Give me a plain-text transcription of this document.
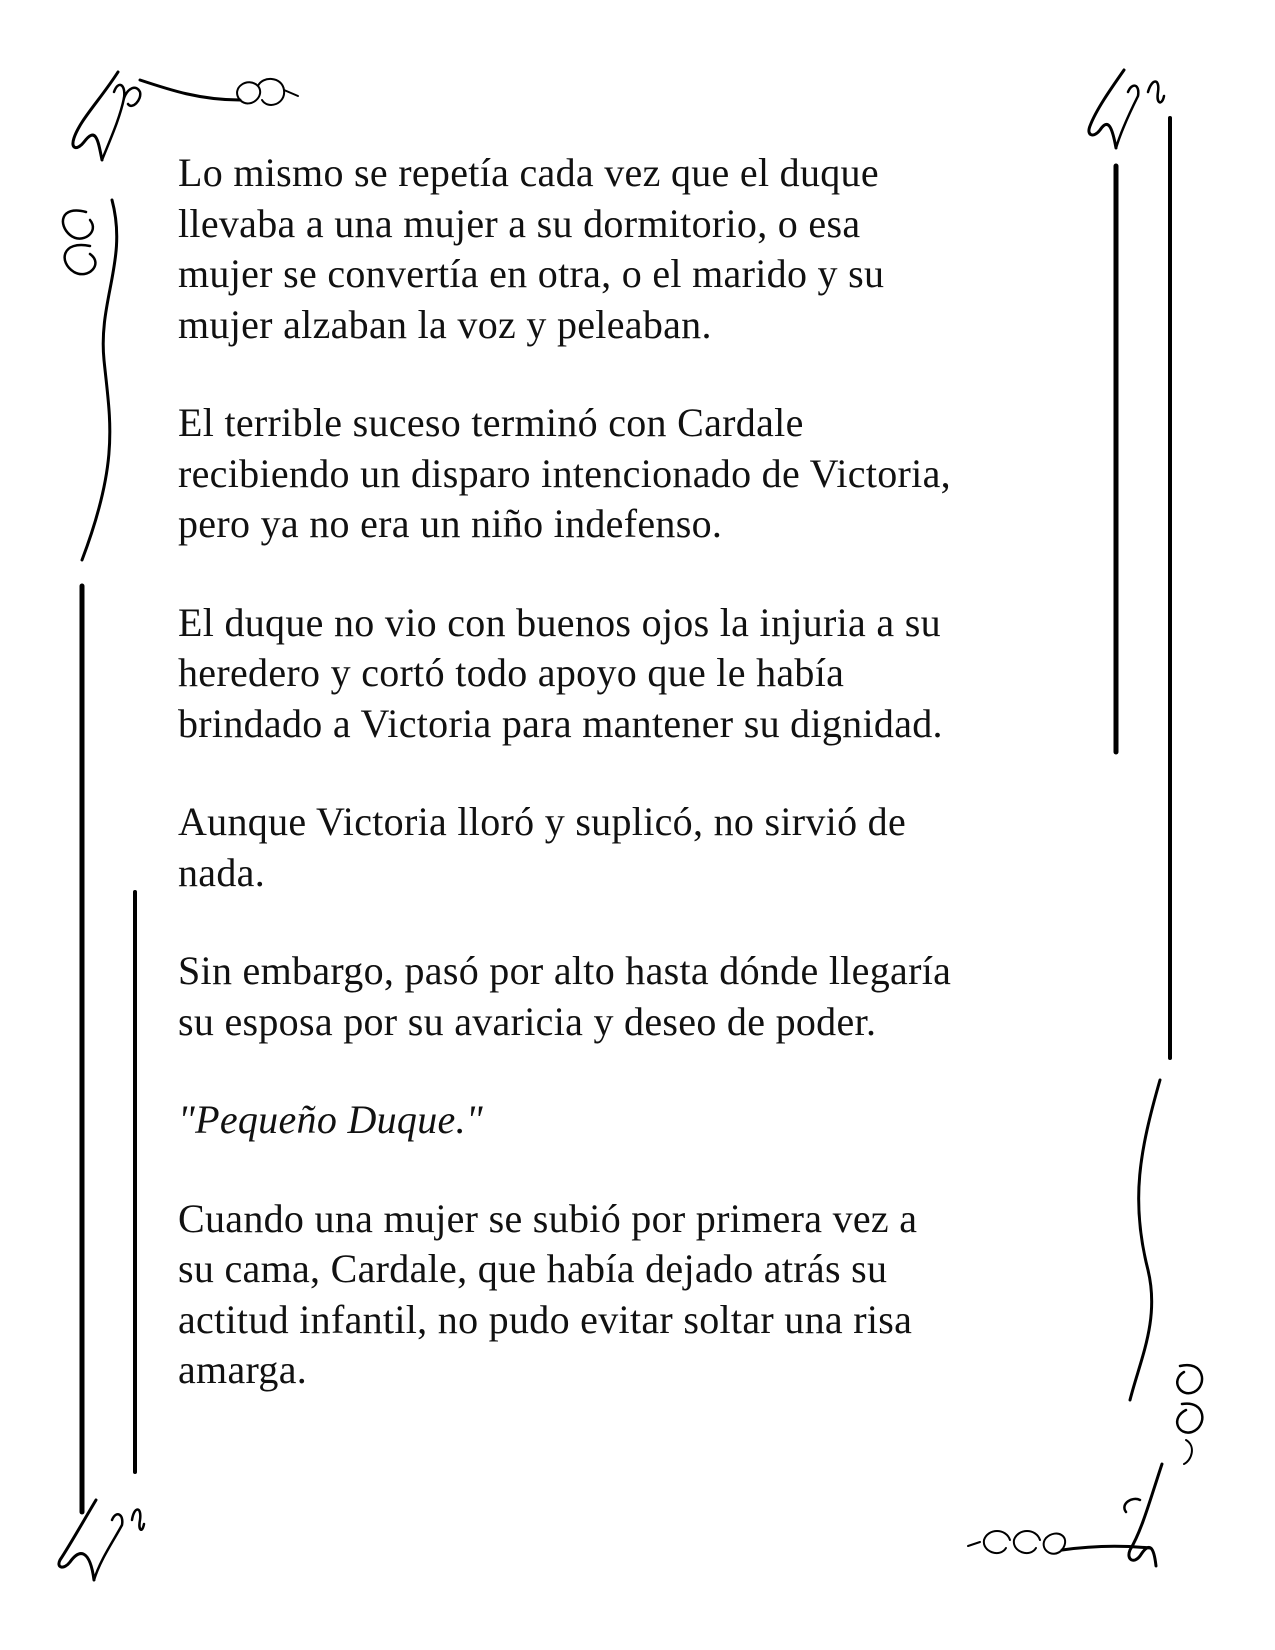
Lo mismo se repetía cada vez que el duque
llevaba a una mujer a su dormitorio, o esa
mujer se convertía en otra, o el marido y su
mujer alzaban la voz y peleaban.

El terrible suceso terminó con Cardale
recibiendo un disparo intencionado de Victoria,
pero ya no era un niño indefenso.

El duque no vio con buenos ojos la injuria a su
heredero y cortó todo apoyo que le había
brindado a Victoria para mantener su dignidad.

Aunque Victoria lloró y suplicó, no sirvió de
nada.

Sin embargo, pasó por alto hasta dónde llegaría
su esposa por su avaricia y deseo de poder.

"Pequeño Duque."

Cuando una mujer se subió por primera vez a
su cama, Cardale, que había dejado atrás su
actitud infantil, no pudo evitar soltar una risa
amarga.
